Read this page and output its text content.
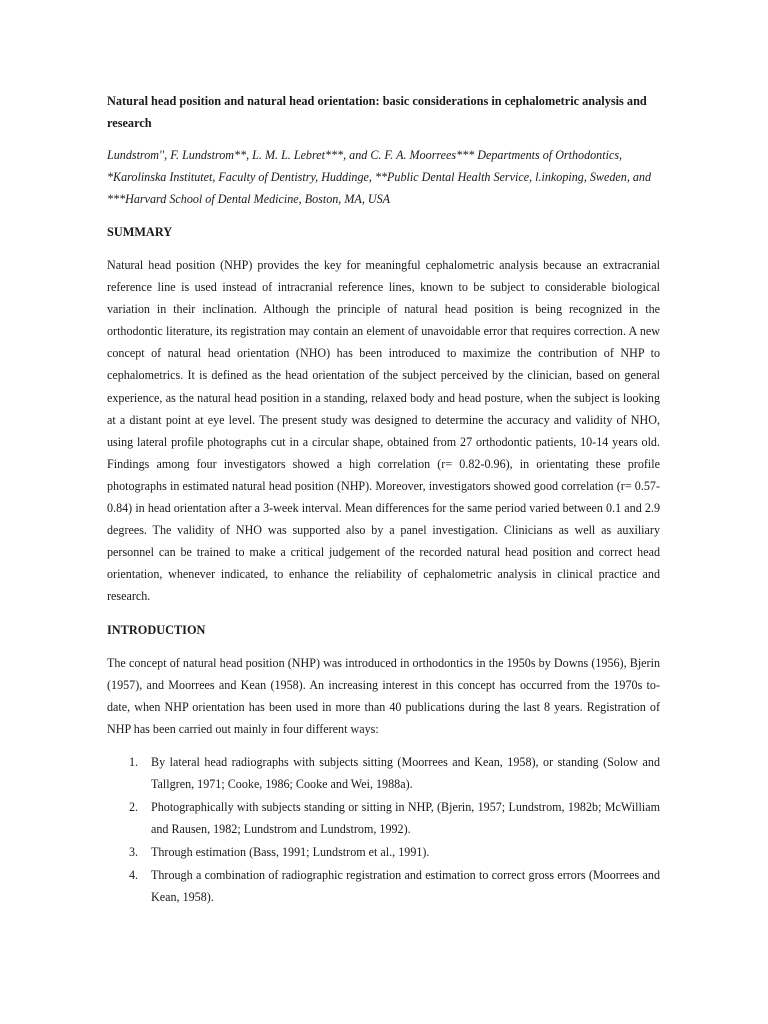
Natural head position and natural head orientation: basic considerations in cephalometric analysis and research

Lundstrom'', F. Lundstrom**, L. M. L. Lebret***, and C. F. A. Moorrees*** Departments of Orthodontics, *Karolinska Institutet, Faculty of Dentistry, Huddinge, **Public Dental Health Service, l.inkoping, Sweden, and ***Harvard School of Dental Medicine, Boston, MA, USA

SUMMARY

Natural head position (NHP) provides the key for meaningful cephalometric analysis because an extracranial reference line is used instead of intracranial reference lines, known to be subject to considerable biological variation in their inclination. Although the principle of natural head position is being recognized in the orthodontic literature, its registration may contain an element of unavoidable error that requires correction. A new concept of natural head orientation (NHO) has been introduced to maximize the contribution of NHP to cephalometrics. It is defined as the head orientation of the subject perceived by the clinician, based on general experience, as the natural head position in a standing, relaxed body and head posture, when the subject is looking at a distant point at eye level. The present study was designed to determine the accuracy and validity of NHO, using lateral profile photographs cut in a circular shape, obtained from 27 orthodontic patients, 10-14 years old. Findings among four investigators showed a high correlation (r= 0.82-0.96), in orientating these profile photographs in estimated natural head position (NHP). Moreover, investigators showed good correlation (r= 0.57-0.84) in head orientation after a 3-week interval. Mean differences for the same period varied between 0.1 and 2.9 degrees. The validity of NHO was supported also by a panel investigation. Clinicians as well as auxiliary personnel can be trained to make a critical judgement of the recorded natural head position and correct head orientation, whenever indicated, to enhance the reliability of cephalometric analysis in clinical practice and research.

INTRODUCTION

The concept of natural head position (NHP) was introduced in orthodontics in the 1950s by Downs (1956), Bjerin (1957), and Moorrees and Kean (1958). An increasing interest in this concept has occurred from the 1970s to-date, when NHP orientation has been used in more than 40 publications during the last 8 years. Registration of NHP has been carried out mainly in four different ways:

1.	By lateral head radiographs with subjects sitting (Moorrees and Kean, 1958), or standing (Solow and Tallgren, 1971; Cooke, 1986; Cooke and Wei, 1988a).
2.	Photographically with subjects standing or sitting in NHP, (Bjerin, 1957; Lundstrom, 1982b; McWilliam and Rausen, 1982; Lundstrom and Lundstrom, 1992).
3.	Through estimation (Bass, 1991; Lundstrom et al., 1991).
4.	Through a combination of radiographic registration and estimation to correct gross errors (Moorrees and Kean, 1958).
